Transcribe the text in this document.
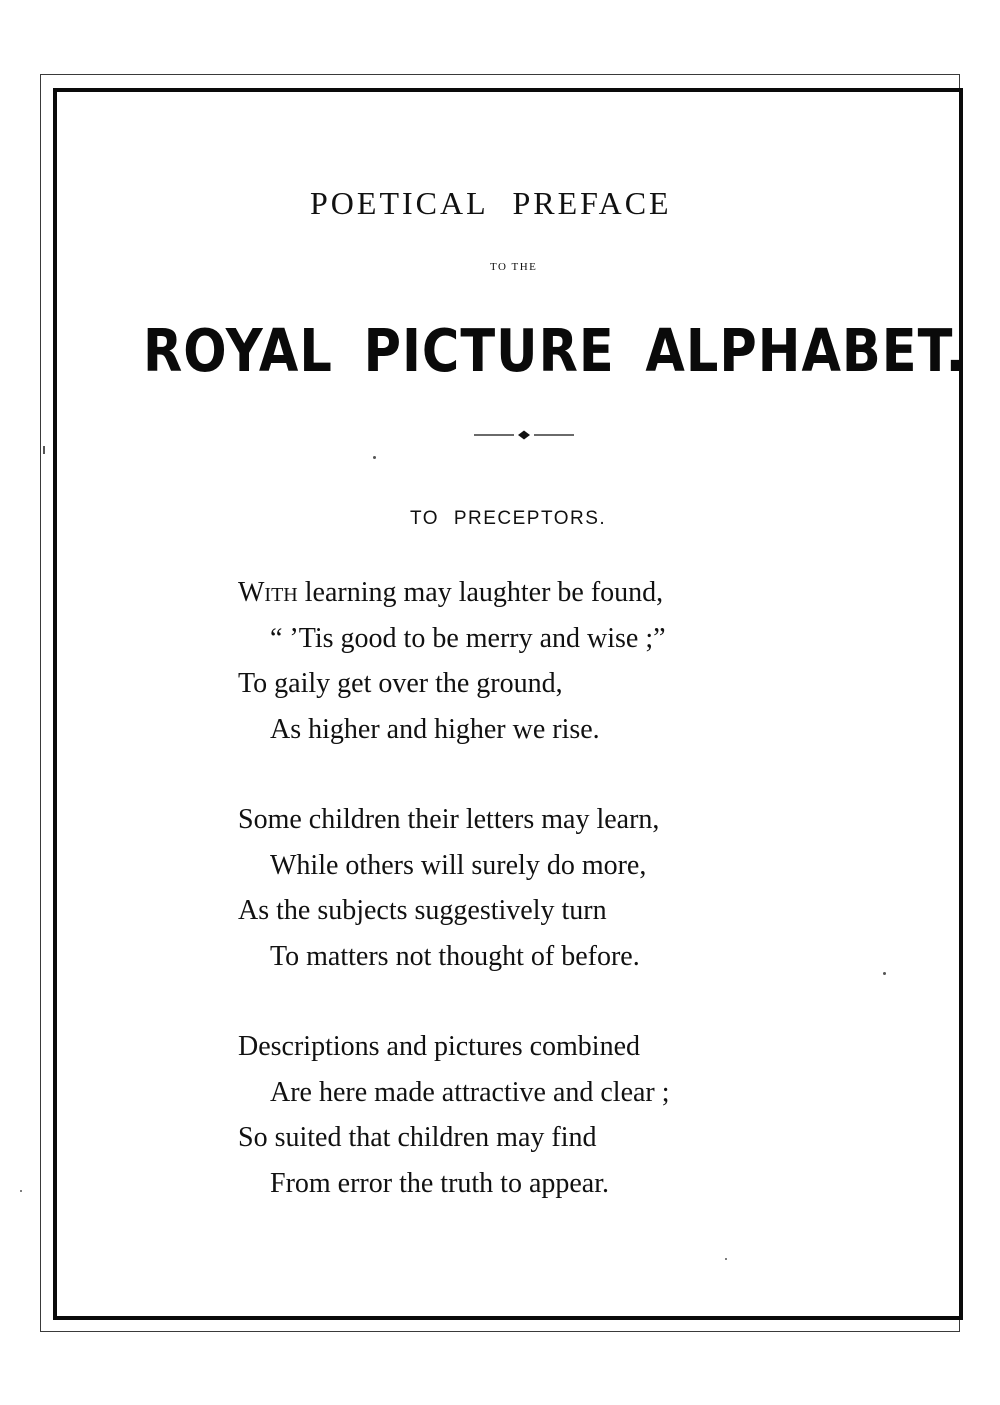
POETICAL PREFACE
TO THE
ROYAL PICTURE ALPHABET.
TO PRECEPTORS.
With learning may laughter be found,
“ ’Tis good to be merry and wise ;”
To gaily get over the ground,
As higher and higher we rise.
Some children their letters may learn,
While others will surely do more,
As the subjects suggestively turn
To matters not thought of before.
Descriptions and pictures combined
Are here made attractive and clear ;
So suited that children may find
From error the truth to appear.
